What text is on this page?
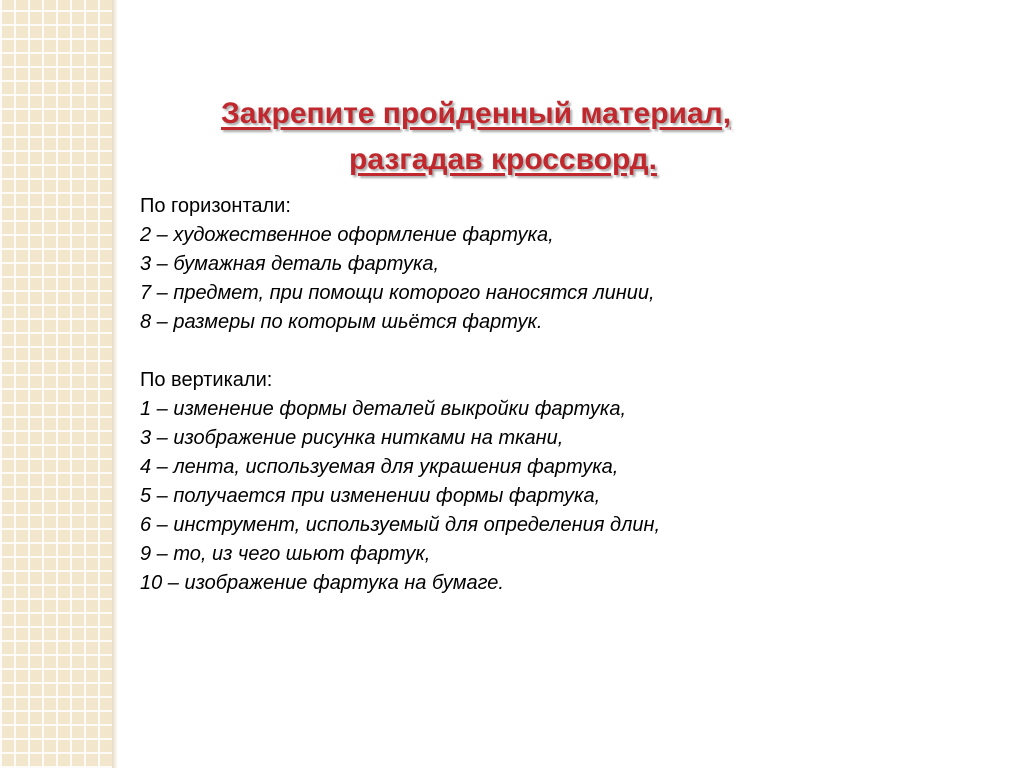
Закрепите пройденный материал,
разгадав кроссворд.
По горизонтали:
2 – художественное оформление фартука,
3 – бумажная деталь фартука,
7 – предмет, при помощи которого наносятся линии,
8 – размеры по которым шьётся фартук.
По вертикали:
1 – изменение формы деталей выкройки фартука,
3 – изображение рисунка нитками на ткани,
4 – лента, используемая для украшения фартука,
5 – получается при изменении формы фартука,
6 – инструмент, используемый для определения длин,
9 – то, из чего шьют фартук,
10 – изображение фартука на бумаге.
